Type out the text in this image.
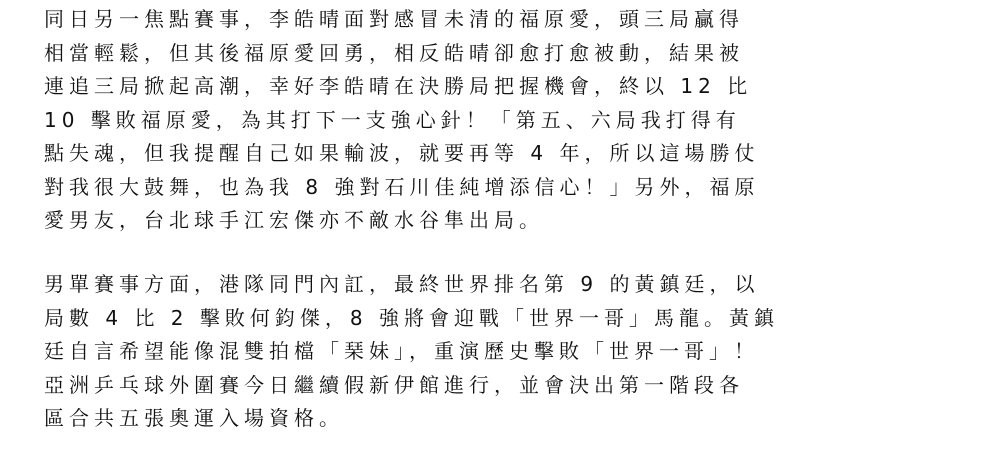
同日另一焦點賽事，李皓晴面對感冒未清的福原愛，頭三局贏得
相當輕鬆，但其後福原愛回勇，相反皓晴卻愈打愈被動，結果被
連追三局掀起高潮，幸好李皓晴在決勝局把握機會，終以 12 比
10 擊敗福原愛，為其打下一支強心針！「第五、六局我打得有
點失魂，但我提醒自己如果輸波，就要再等 4 年，所以這場勝仗
對我很大鼓舞，也為我 8 強對石川佳純增添信心！」另外，福原
愛男友，台北球手江宏傑亦不敵水谷隼出局。
男單賽事方面，港隊同門內訌，最終世界排名第 9 的黃鎮廷，以
局數 4 比 2 擊敗何鈞傑，8 強將會迎戰「世界一哥」馬龍。黃鎮
廷自言希望能像混雙拍檔「琹妹」，重演歷史擊敗「世界一哥」！
亞洲乒乓球外圍賽今日繼續假新伊館進行，並會決出第一階段各
區合共五張奧運入場資格。
